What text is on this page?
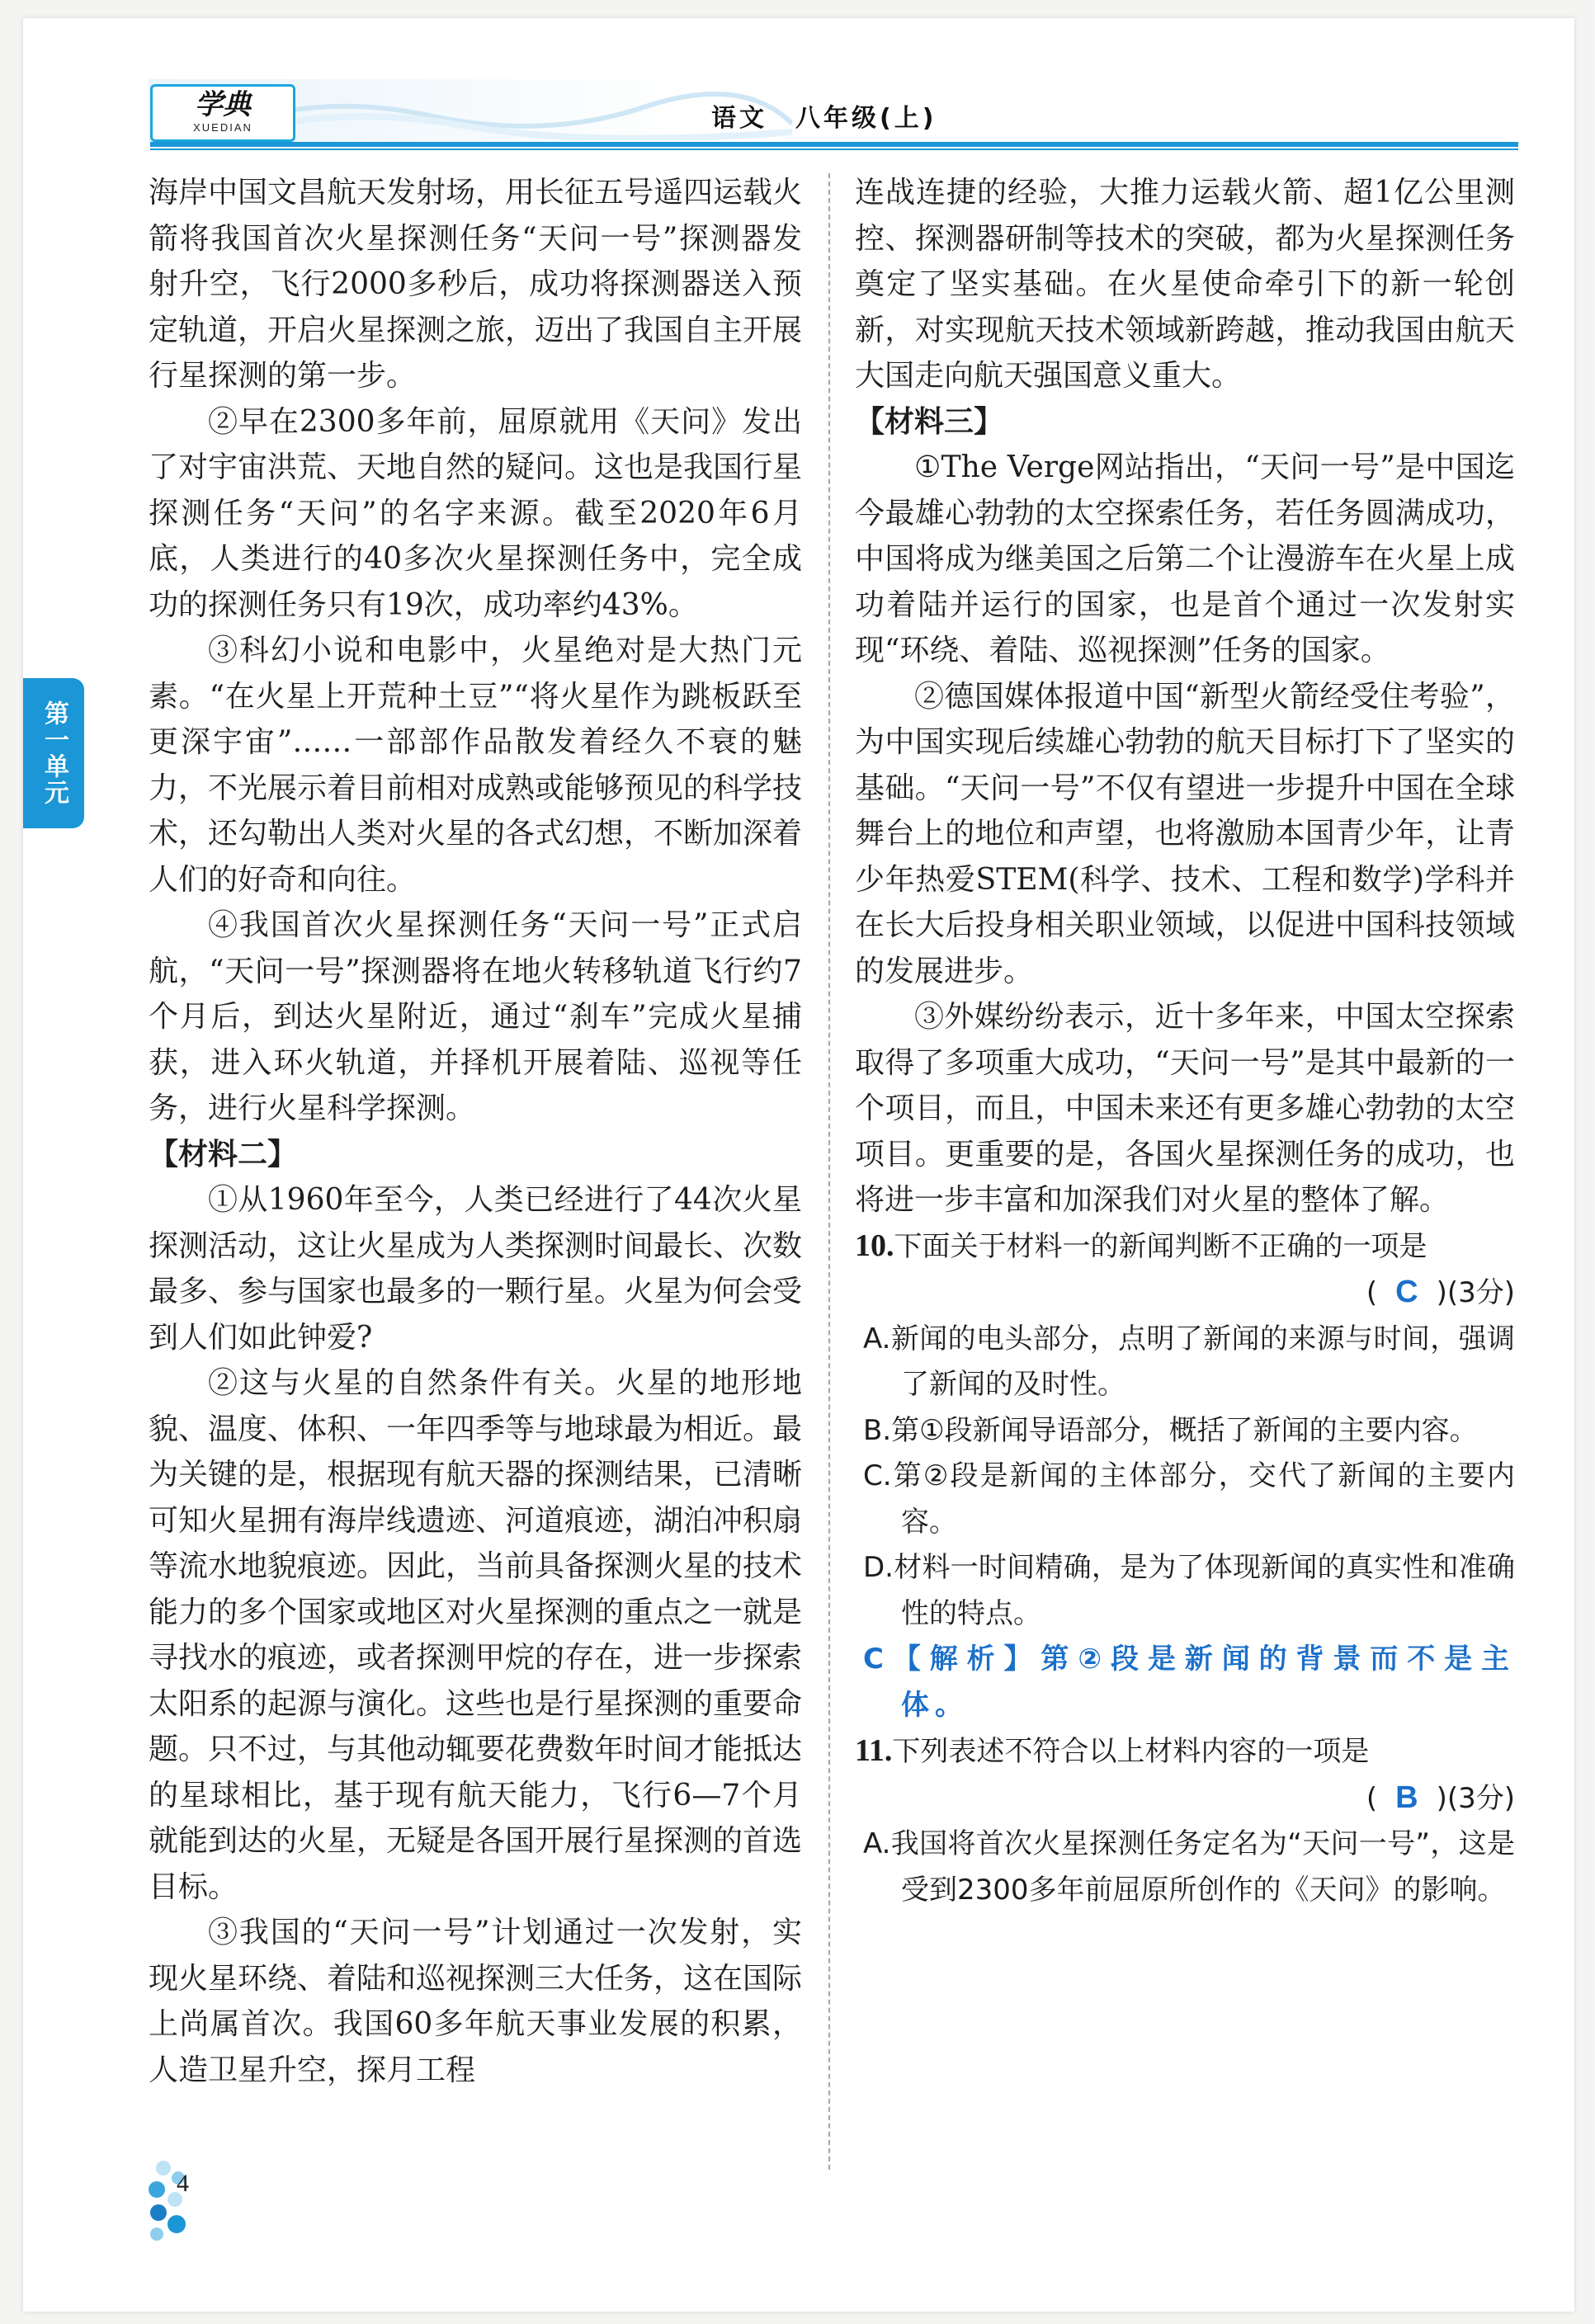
学典
XUEDIAN	语文　八年级(上)
第一单元

海岸中国文昌航天发射场，用长征五号遥四运载火箭将我国首次火星探测任务“天问一号”探测器发射升空，飞行2000多秒后，成功将探测器送入预定轨道，开启火星探测之旅，迈出了我国自主开展行星探测的第一步。

②早在2300多年前，屈原就用《天问》发出了对宇宙洪荒、天地自然的疑问。这也是我国行星探测任务“天问”的名字来源。截至2020年6月底，人类进行的40多次火星探测任务中，完全成功的探测任务只有19次，成功率约43%。

③科幻小说和电影中，火星绝对是大热门元素。“在火星上开荒种土豆”“将火星作为跳板跃至更深宇宙”……一部部作品散发着经久不衰的魅力，不光展示着目前相对成熟或能够预见的科学技术，还勾勒出人类对火星的各式幻想，不断加深着人们的好奇和向往。

④我国首次火星探测任务“天问一号”正式启航，“天问一号”探测器将在地火转移轨道飞行约7个月后，到达火星附近，通过“刹车”完成火星捕获，进入环火轨道，并择机开展着陆、巡视等任务，进行火星科学探测。

【材料二】

①从1960年至今，人类已经进行了44次火星探测活动，这让火星成为人类探测时间最长、次数最多、参与国家也最多的一颗行星。火星为何会受到人们如此钟爱?

②这与火星的自然条件有关。火星的地形地貌、温度、体积、一年四季等与地球最为相近。最为关键的是，根据现有航天器的探测结果，已清晰可知火星拥有海岸线遗迹、河道痕迹，湖泊冲积扇等流水地貌痕迹。因此，当前具备探测火星的技术能力的多个国家或地区对火星探测的重点之一就是寻找水的痕迹，或者探测甲烷的存在，进一步探索太阳系的起源与演化。这些也是行星探测的重要命题。只不过，与其他动辄要花费数年时间才能抵达的星球相比，基于现有航天能力，飞行6—7个月就能到达的火星，无疑是各国开展行星探测的首选目标。

③我国的“天问一号”计划通过一次发射，实现火星环绕、着陆和巡视探测三大任务，这在国际上尚属首次。我国60多年航天事业发展的积累，人造卫星升空，探月工程

连战连捷的经验，大推力运载火箭、超1亿公里测控、探测器研制等技术的突破，都为火星探测任务奠定了坚实基础。在火星使命牵引下的新一轮创新，对实现航天技术领域新跨越，推动我国由航天大国走向航天强国意义重大。

【材料三】

①The Verge网站指出，“天问一号”是中国迄今最雄心勃勃的太空探索任务，若任务圆满成功，中国将成为继美国之后第二个让漫游车在火星上成功着陆并运行的国家，也是首个通过一次发射实现“环绕、着陆、巡视探测”任务的国家。

②德国媒体报道中国“新型火箭经受住考验”，为中国实现后续雄心勃勃的航天目标打下了坚实的基础。“天问一号”不仅有望进一步提升中国在全球舞台上的地位和声望，也将激励本国青少年，让青少年热爱STEM(科学、技术、工程和数学)学科并在长大后投身相关职业领域，以促进中国科技领域的发展进步。

③外媒纷纷表示，近十多年来，中国太空探索取得了多项重大成功，“天问一号”是其中最新的一个项目，而且，中国未来还有更多雄心勃勃的太空项目。更重要的是，各国火星探测任务的成功，也将进一步丰富和加深我们对火星的整体了解。

10.下面关于材料一的新闻判断不正确的一项是

( C )(3分)

A.新闻的电头部分，点明了新闻的来源与时间，强调了新闻的及时性。

B.第①段新闻导语部分，概括了新闻的主要内容。

C.第②段是新闻的主体部分，交代了新闻的主要内容。

D.材料一时间精确，是为了体现新闻的真实性和准确性的特点。

C【解析】第②段是新闻的背景而不是主体。

11.下列表述不符合以上材料内容的一项是

( B )(3分)

A.我国将首次火星探测任务定名为“天问一号”，这是受到2300多年前屈原所创作的《天问》的影响。

4
